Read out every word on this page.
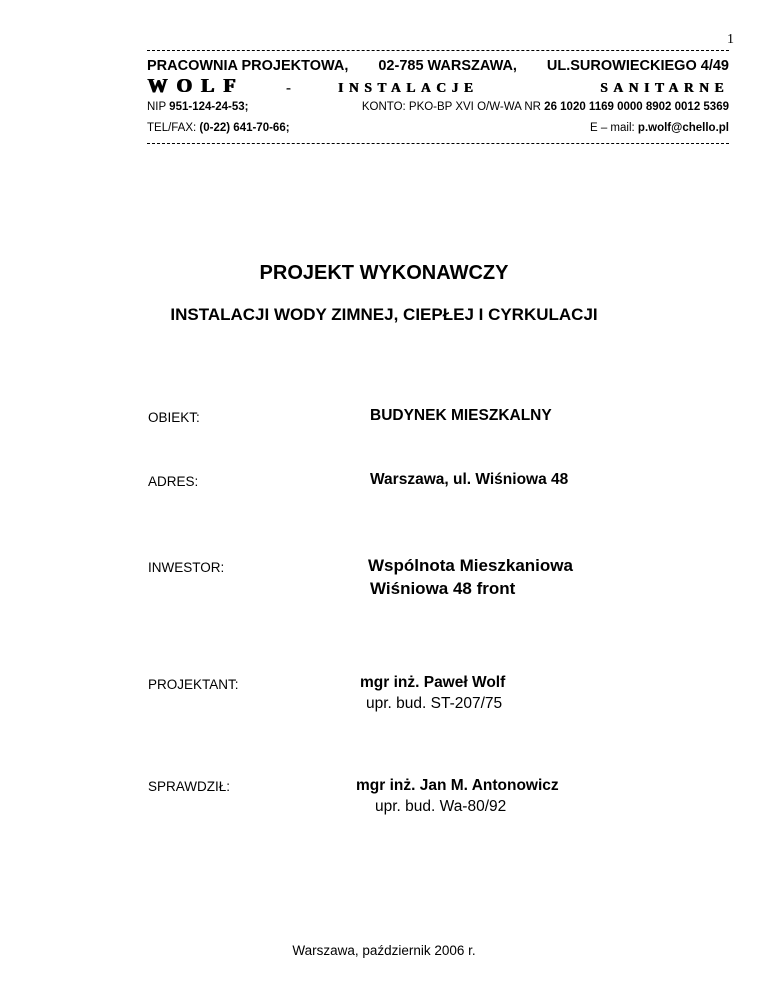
1
PRACOWNIA PROJEKTOWA, 02-785 WARSZAWA, UL.SUROWIECKIEGO 4/49
WOLF	-	INSTALACJE	SANITARNE
NIP 951-124-24-53;	KONTO: PKO-BP XVI O/W-WA NR 26 1020 1169 0000 8902 0012 5369
TEL/FAX: (0-22) 641-70-66;	E – mail: p.wolf@chello.pl
PROJEKT WYKONAWCZY
INSTALACJI WODY ZIMNEJ, CIEPŁEJ I CYRKULACJI
OBIEKT:	BUDYNEK MIESZKALNY
ADRES:	Warszawa, ul. Wiśniowa 48
INWESTOR:	Wspólnota Mieszkaniowa
Wiśniowa 48 front
PROJEKTANT:	mgr inż. Paweł Wolf
upr. bud. ST-207/75
SPRAWDZIŁ:	mgr inż. Jan M. Antonowicz
upr. bud. Wa-80/92
Warszawa, październik 2006 r.
